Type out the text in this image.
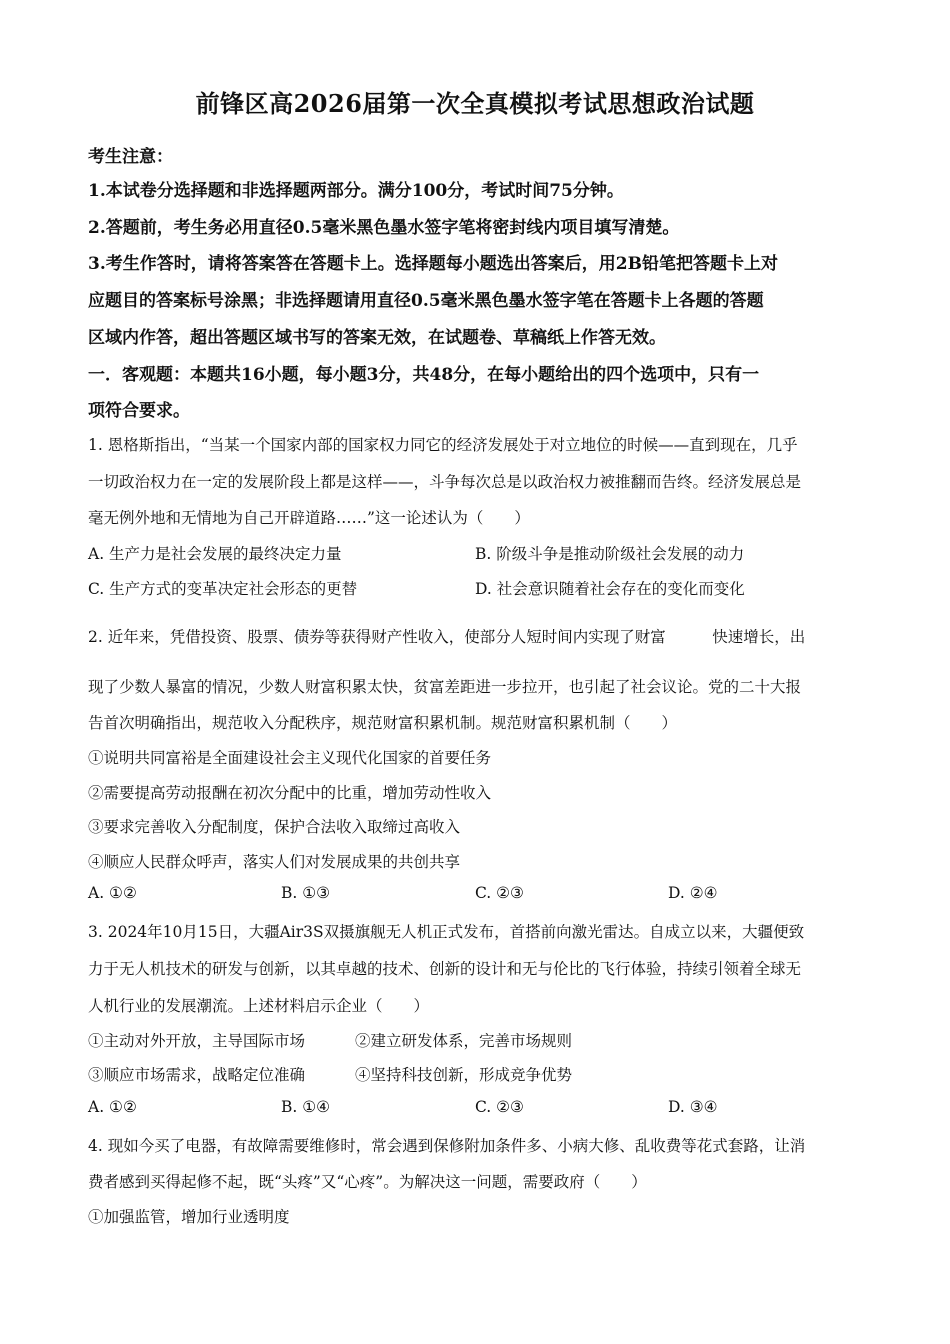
前锋区高2026届第一次全真模拟考试思想政治试题
考生注意：
1.本试卷分选择题和非选择题两部分。满分100分，考试时间75分钟。
2.答题前，考生务必用直径0.5毫米黑色墨水签字笔将密封线内项目填写清楚。
3.考生作答时，请将答案答在答题卡上。选择题每小题选出答案后，用2B铅笔把答题卡上对
应题目的答案标号涂黑；非选择题请用直径0.5毫米黑色墨水签字笔在答题卡上各题的答题
区域内作答，超出答题区域书写的答案无效，在试题卷、草稿纸上作答无效。
一．客观题：本题共16小题，每小题3分，共48分，在每小题给出的四个选项中，只有一
项符合要求。
1. 恩格斯指出，“当某一个国家内部的国家权力同它的经济发展处于对立地位的时候——直到现在，几乎
一切政治权力在一定的发展阶段上都是这样——，斗争每次总是以政治权力被推翻而告终。经济发展总是
毫无例外地和无情地为自己开辟道路……”这一论述认为（　　）
A. 生产力是社会发展的最终决定力量	B. 阶级斗争是推动阶级社会发展的动力
C. 生产方式的变革决定社会形态的更替	D. 社会意识随着社会存在的变化而变化
2. 近年来，凭借投资、股票、债券等获得财产性收入，使部分人短时间内实现了财富　　　快速增长，出
现了少数人暴富的情况，少数人财富积累太快，贫富差距进一步拉开，也引起了社会议论。党的二十大报
告首次明确指出，规范收入分配秩序，规范财富积累机制。规范财富积累机制（　　）
①说明共同富裕是全面建设社会主义现代化国家的首要任务
②需要提高劳动报酬在初次分配中的比重，增加劳动性收入
③要求完善收入分配制度，保护合法收入取缔过高收入
④顺应人民群众呼声，落实人们对发展成果的共创共享
A. ①②	B. ①③	C. ②③	D. ②④
3. 2024年10月15日，大疆Air3S双摄旗舰无人机正式发布，首搭前向激光雷达。自成立以来，大疆便致
力于无人机技术的研发与创新，以其卓越的技术、创新的设计和无与伦比的飞行体验，持续引领着全球无
人机行业的发展潮流。上述材料启示企业（　　）
①主动对外开放，主导国际市场	②建立研发体系，完善市场规则
③顺应市场需求，战略定位准确	④坚持科技创新，形成竞争优势
A. ①②	B. ①④	C. ②③	D. ③④
4. 现如今买了电器，有故障需要维修时，常会遇到保修附加条件多、小病大修、乱收费等花式套路，让消
费者感到买得起修不起，既“头疼”又“心疼”。为解决这一问题，需要政府（　　）
①加强监管，增加行业透明度
